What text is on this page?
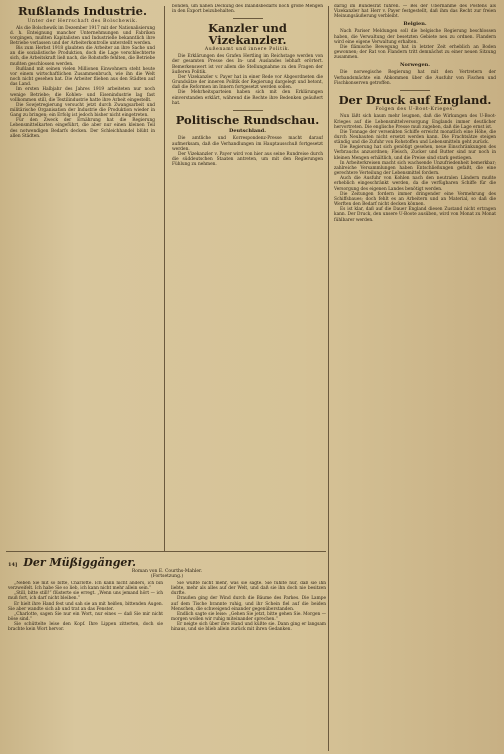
Rußlands Industrie.
Unter der Herrschaft des Bolschewik.

Als die Bolschewik im Dezember 1917 mit der Nationalisierung d. h. Enteignung mancher Unternehmungen und Fabriken vorgingen, mußten Kapitalisten und Industrielle bekanntlich ihre Betriebe verlassen und der Arbeiterkontrolle unterstellt werden.

Bis zum Herbst 1918 glaubten die Arbeiter an ihre Sache und an die sozialistische Produktion, doch die Lage verschlechterte sich, die Arbeitskraft ließ nach, die Rohstoffe fehlten, die Betriebe mußten geschlossen werden.

Rußland mit seinen vielen Millionen Einwohnern steht heute vor einem wirtschaftlichen Zusammenbruch, wie ihn die Welt noch nicht gesehen hat. Die Arbeiter fliehen aus den Städten auf das Land.

Im ersten Halbjahr des Jahres 1919 arbeiteten nur noch wenige Betriebe; die Kohlen- und Eisenindustrie lag fast vollkommen still, die Textilindustrie hatte ihre Arbeit eingestellt.

Die Sowjetregierung versucht jetzt durch Zwangsarbeit und militärische Organisation der Industrie die Produktion wieder in Gang zu bringen; ein Erfolg ist jedoch bisher nicht eingetreten.

Für den Zweck der Ernährung hat die Regierung Lebensmittelkarten eingeführt, die aber nur einen kleinen Teil des notwendigen Bedarfs decken. Der Schleichhandel blüht in allen Städten.

bonden, um nahen Deckung des Inlandsbedarfs noch große Mengen in den Export beizubehalten.

Kanzler und Vizekanzler.
Außenamt und innere Politik.

Die Erklärungen des Grafen Hertling im Reichstage werden von der gesamten Presse des In- und Auslandes lebhaft erörtert. Bemerkenswert ist vor allem die Stellungnahme zu den Fragen der äußeren Politik.

Der Vizekanzler v. Payer hat in einer Rede vor Abgeordneten die Grundsätze der inneren Politik der Regierung dargelegt und betont, daß die Reformen im Innern fortgesetzt werden sollen.

Die Mehrheitsparteien haben sich mit den Erklärungen einverstanden erklärt, während die Rechte ihre Bedenken geäußert hat.

Politische Rundschau.
Deutschland.

Die amtliche und Korrespondenz-Presse macht darauf aufmerksam, daß die Verhandlungen im Hauptausschuß fortgesetzt werden.

Der Vizekanzler v. Payer wird von hier aus seine Rundreise durch die süddeutschen Staaten antreten, um mit den Regierungen Fühlung zu nehmen.

darlig im Bundesrat führen. — Bei der Übernahme des Postens als Vizekanzler hat Herr v. Payer festgestellt, daß ihm das Recht zur freien Meinungsäußerung verbleibt.

Belgien.

Nach Pariser Meldungen soll die belgische Regierung beschlossen haben, die Verwaltung der besetzten Gebiete neu zu ordnen. Flandern wird eine eigene Verwaltung erhalten.

Die flämische Bewegung hat in letzter Zeit erheblich an Boden gewonnen; der Rat von Flandern tritt demnächst zu einer neuen Sitzung zusammen.

Norwegen.

Die norwegische Regierung hat mit den Vertretern der Verbandsmächte ein Abkommen über die Ausfuhr von Fischen und Fischkonserven getroffen.

Der Druck auf England.
Folgen des U-Boot-Krieges.

Nun läßt sich kaum mehr leugnen, daß die Wirkungen des U-Boot-Krieges auf die Lebensmittelversorgung Englands immer deutlicher hervortreten. Die englische Presse muß zugeben, daß die Lage ernst ist.

Die Tonnage der versenkten Schiffe erreicht monatlich eine Höhe, die durch Neubauten nicht ersetzt werden kann. Die Frachtsätze steigen ständig und die Zufuhr von Rohstoffen und Lebensmitteln geht zurück.

Die Regierung hat sich genötigt gesehen, neue Einschränkungen des Verbrauchs anzuordnen; Fleisch, Zucker und Butter sind nur noch in kleinen Mengen erhältlich, und die Preise sind stark gestiegen.

In Arbeiterkreisen macht sich wachsende Unzufriedenheit bemerkbar; zahlreiche Versammlungen haben Entschließungen gefaßt, die eine gerechtere Verteilung der Lebensmittel fordern.

Auch die Ausfuhr von Kohlen nach den neutralen Ländern mußte erheblich eingeschränkt werden, da die verfügbaren Schiffe für die Versorgung des eigenen Landes benötigt werden.

Die Zeitungen fordern immer dringender eine Vermehrung des Schiffsbaues; doch fehlt es an Arbeitern und an Material, so daß die Werften den Bedarf nicht decken können.

Es ist klar, daß auf die Dauer England diesen Zustand nicht ertragen kann. Der Druck, den unsere U-Boote ausüben, wird von Monat zu Monat fühlbarer werden.

14] Der Müßiggänger.
Roman von E. Courths-Mahler.
(Fortsetzung.)

„Neben Sie mit so bitte, Charlotte. Ich kann nicht anders, ich bin verzweifelt. Ich habe Sie so lieb, ich kann nicht mehr allein sein.“

„Still, bitte still!“ flüsterte sie erregt. „Wenn uns jemand hört — ich muß fort, ich darf nicht bleiben.“

Er hielt ihre Hand fest und sah sie an mit heißen, bittenden Augen. Sie aber wandte sich ab und trat an das Fenster.

„Charlotte, sagen Sie nur ein Wort, nur eines — daß Sie mir nicht böse sind.“

Sie schüttelte leise den Kopf. Ihre Lippen zitterten, doch sie brachte kein Wort hervor.

Sie wußte nicht mehr, was sie sagte. Sie fühlte nur, daß sie ihn liebte, mehr als alles auf der Welt, und daß sie ihn doch nie besitzen durfte.

Draußen ging der Wind durch die Bäume des Parkes. Die Lampe auf dem Tische brannte ruhig, und ihr Schein fiel auf die beiden Menschen, die schweigend einander gegenüberstanden.

Endlich sagte sie leise: „Gehen Sie jetzt, bitte gehen Sie. Morgen — morgen wollen wir ruhig miteinander sprechen.“

Er neigte sich über ihre Hand und küßte sie. Dann ging er langsam hinaus, und sie blieb allein zurück mit ihren Gedanken.
